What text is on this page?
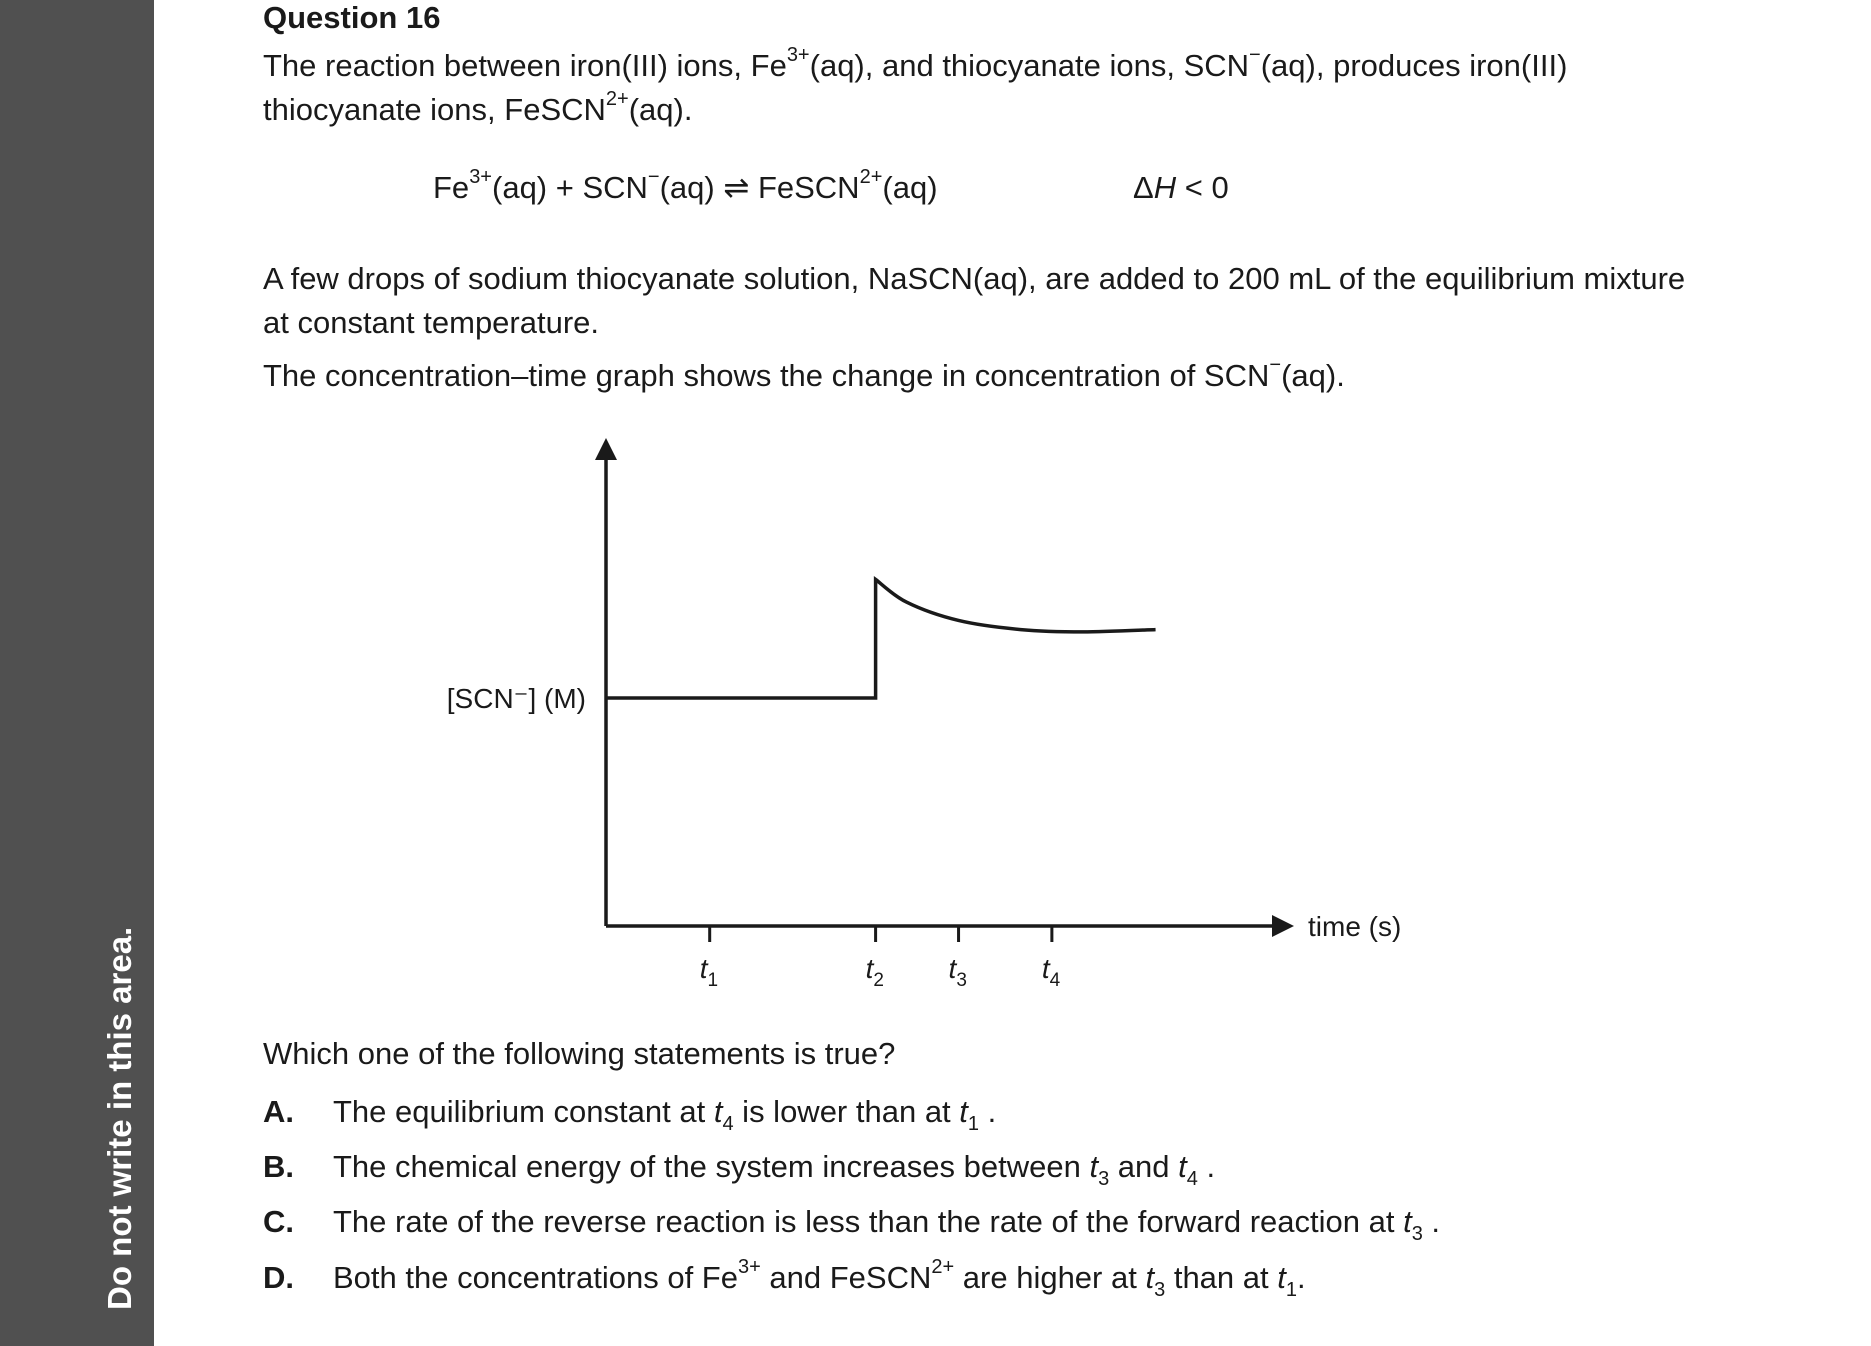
Do not write in this area.
Question 16
The reaction between iron(III) ions, $Fe^{3+}(aq)$, and thiocyanate ions, SCN−(aq), produces iron(III)
thiocyanate ions, FeSCN$^{2+}$(aq).
$Fe^{3+}(aq) + SCN^-(aq)$ ⇌ FeSCN$^{2+}$(aq)	ΔH < 0
A few drops of sodium thiocyanate solution, NaSCN(aq), are added to 200 mL of the equilibrium mixture
at constant temperature.
The concentration–time graph shows the change in concentration of SCN−(aq).
$t_1$	$t_2$ $t_3$	$t_4$
[SCN⁻] (M)
time (s)
Which one of the following statements is true?
A. The equilibrium constant at $t_4$ is lower than at $t_1$ .
B. The chemical energy of the system increases between $t_3$ and $t_4$ .
C. The rate of the reverse reaction is less than the rate of the forward reaction at $t_3$ .
D. Both the concentrations of $Fe^{3+}$ and FeSCN$^{2+}$ are higher at $t_3$ than at $t_1$.
